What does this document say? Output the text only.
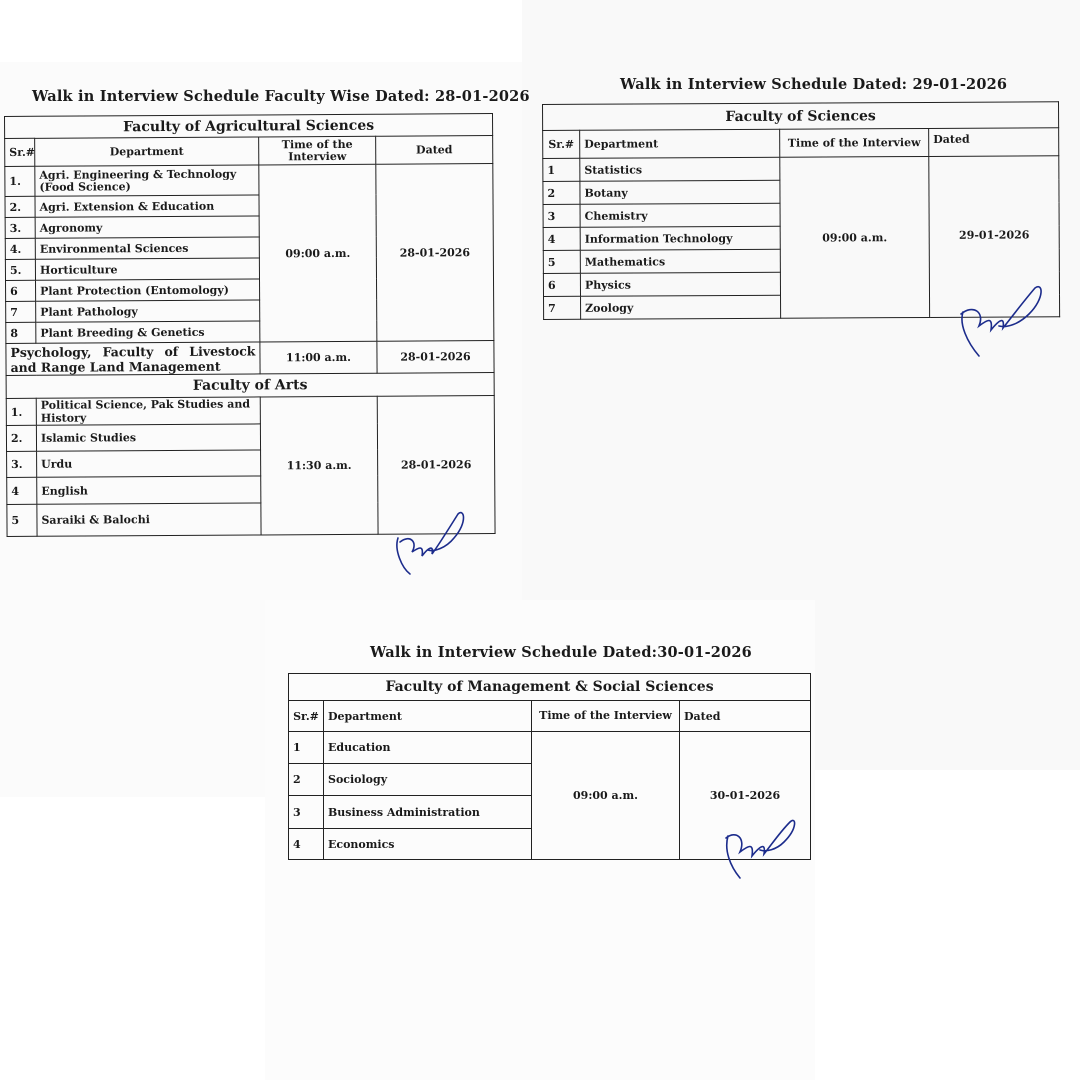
Walk in Interview Schedule Faculty Wise Dated: 28-01-2026
Faculty of Agricultural Sciences			
Sr.#	Department	Time of the Interview	Dated
1.	Agri. Engineering & Technology (Food Science)	09:00 a.m.	28-01-2026
2.	Agri. Extension & Education		
3.	Agronomy		
4.	Environmental Sciences		
5.	Horticulture		
6	Plant Protection (Entomology)		
7	Plant Pathology		
8	Plant Breeding & Genetics		
Psychology, Faculty of Livestock and Range Land Management		11:00 a.m.	28-01-2026
Faculty of Arts			
1.	Political Science, Pak Studies and History	11:30 a.m.	28-01-2026
2.	Islamic Studies		
3.	Urdu		
4	English		
5	Saraiki & Balochi		
Walk in Interview Schedule Dated: 29-01-2026
Faculty of Sciences			
Sr.#	Department	Time of the Interview	Dated
1	Statistics	09:00 a.m.	29-01-2026
2	Botany		
3	Chemistry		
4	Information Technology		
5	Mathematics		
6	Physics		
7	Zoology		
Walk in Interview Schedule Dated:30-01-2026
Faculty of Management & Social Sciences			
Sr.#	Department	Time of the Interview	Dated
1	Education	09:00 a.m.	30-01-2026
2	Sociology		
3	Business Administration		
4	Economics		
